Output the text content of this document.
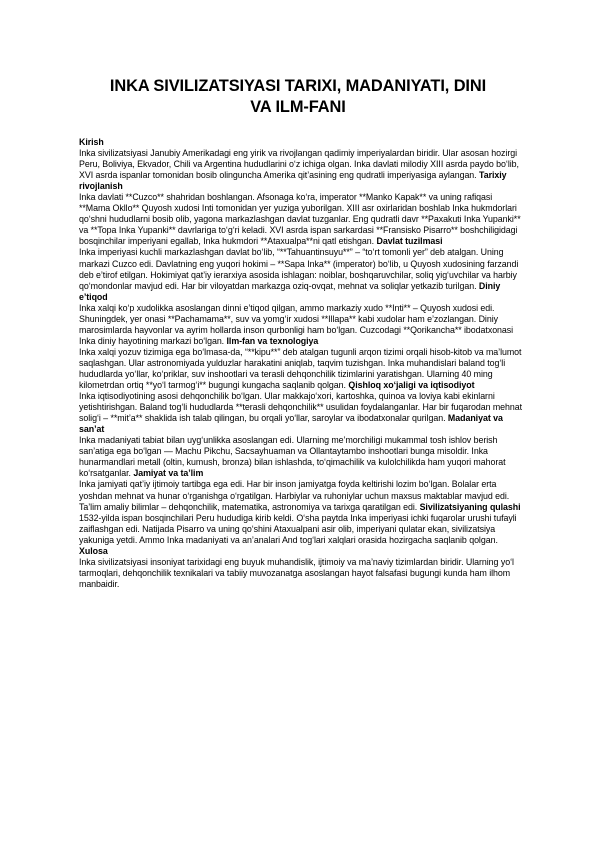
INKA SIVILIZATSIYASI TARIXI, MADANIYATI, DINI
VA ILM-FANI

Kirish

Inka sivilizatsiyasi Janubiy Amerikadagi eng yirik va rivojlangan qadimiy imperiyalardan biridir. Ular asosan hozirgi Peru, Boliviya, Ekvador, Chili va Argentina hududlarini o‘z ichiga olgan. Inka davlati milodiy XIII asrda paydo bo‘lib, XVI asrda ispanlar tomonidan bosib olinguncha Amerika qit’asining eng qudratli imperiyasiga aylangan. Tarixiy rivojlanish

Inka davlati **Cuzco** shahridan boshlangan. Afsonaga ko‘ra, imperator **Manko Kapak** va uning rafiqasi **Mama Okllo** Quyosh xudosi Inti tomonidan yer yuziga yuborilgan. XIII asr oxirlaridan boshlab Inka hukmdorlari qo‘shni hududlarni bosib olib, yagona markazlashgan davlat tuzganlar. Eng qudratli davr **Paxakuti Inka Yupanki** va **Topa Inka Yupanki** davrlariga to‘g‘ri keladi. XVI asrda ispan sarkardasi **Fransisko Pisarro** boshchiligidagi bosqinchilar imperiyani egallab, Inka hukmdori **Ataxualpa**ni qatl etishgan. Davlat tuzilmasi

Inka imperiyasi kuchli markazlashgan davlat bo‘lib, “**Tahuantinsuyu**” – “to‘rt tomonli yer” deb atalgan. Uning markazi Cuzco edi. Davlatning eng yuqori hokimi – **Sapa Inka** (imperator) bo‘lib, u Quyosh xudosining farzandi deb e’tirof etilgan. Hokimiyat qat’iy ierarxiya asosida ishlagan: noiblar, boshqaruvchilar, soliq yig‘uvchilar va harbiy qo‘mondonlar mavjud edi. Har bir viloyatdan markazga oziq-ovqat, mehnat va soliqlar yetkazib turilgan. Diniy e’tiqod

Inka xalqi ko‘p xudolikka asoslangan dinni e’tiqod qilgan, ammo markaziy xudo **Inti** – Quyosh xudosi edi. Shuningdek, yer onasi **Pachamama**, suv va yomg‘ir xudosi **Illapa** kabi xudolar ham e’zozlangan. Diniy marosimlarda hayvonlar va ayrim hollarda inson qurbonligi ham bo‘lgan. Cuzcodagi **Qorikancha** ibodatxonasi Inka diniy hayotining markazi bo‘lgan. Ilm-fan va texnologiya

Inka xalqi yozuv tizimiga ega bo‘lmasa-da, “**kipu**” deb atalgan tugunli arqon tizimi orqali hisob-kitob va ma’lumot saqlashgan. Ular astronomiyada yulduzlar harakatini aniqlab, taqvim tuzishgan. Inka muhandislari baland tog‘li hududlarda yo‘llar, ko‘priklar, suv inshootlari va terasli dehqonchilik tizimlarini yaratishgan. Ularning 40 ming kilometrdan ortiq **yo‘l tarmog‘i** bugungi kungacha saqlanib qolgan. Qishloq xo‘jaligi va iqtisodiyot

Inka iqtisodiyotining asosi dehqonchilik bo‘lgan. Ular makkajo‘xori, kartoshka, quinoa va loviya kabi ekinlarni yetishtirishgan. Baland tog‘li hududlarda **terasli dehqonchilik** usulidan foydalanganlar. Har bir fuqarodan mehnat solig‘i – **mit’a** shaklida ish talab qilingan, bu orqali yo‘llar, saroylar va ibodatxonalar qurilgan. Madaniyat va san’at

Inka madaniyati tabiat bilan uyg‘unlikka asoslangan edi. Ularning me’morchiligi mukammal tosh ishlov berish san’atiga ega bo‘lgan — Machu Pikchu, Sacsayhuaman va Ollantaytambo inshootlari bunga misoldir. Inka hunarmandlari metall (oltin, kumush, bronza) bilan ishlashda, to‘qimachilik va kulolchilikda ham yuqori mahorat ko‘rsatganlar. Jamiyat va ta’lim

Inka jamiyati qat’iy ijtimoiy tartibga ega edi. Har bir inson jamiyatga foyda keltirishi lozim bo‘lgan. Bolalar erta yoshdan mehnat va hunar o‘rganishga o‘rgatilgan. Harbiylar va ruhoniylar uchun maxsus maktablar mavjud edi. Ta’lim amaliy bilimlar – dehqonchilik, matematika, astronomiya va tarixga qaratilgan edi. Sivilizatsiyaning qulashi

1532-yilda ispan bosqinchilari Peru hududiga kirib keldi. O‘sha paytda Inka imperiyasi ichki fuqarolar urushi tufayli zaiflashgan edi. Natijada Pisarro va uning qo‘shini Ataxualpani asir olib, imperiyani qulatar ekan, sivilizatsiya yakuniga yetdi. Ammo Inka madaniyati va an’analari And tog‘lari xalqlari orasida hozirgacha saqlanib qolgan. Xulosa

Inka sivilizatsiyasi insoniyat tarixidagi eng buyuk muhandislik, ijtimoiy va ma’naviy tizimlardan biridir. Ularning yo‘l tarmoqlari, dehqonchilik texnikalari va tabiiy muvozanatga asoslangan hayot falsafasi bugungi kunda ham ilhom manbaidir.
